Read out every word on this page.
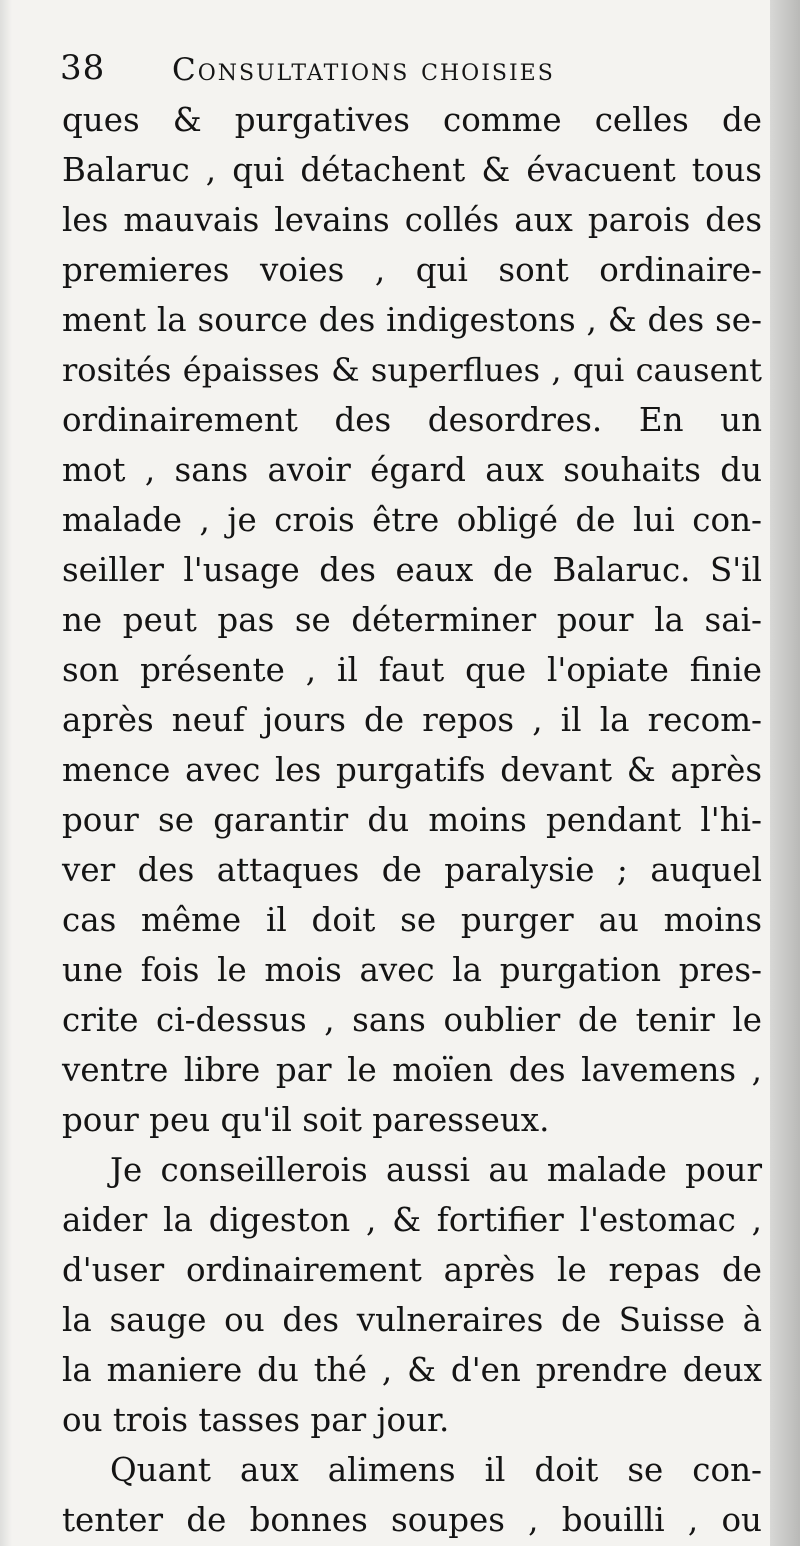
38 Consultations choisies
ques & purgatives comme celles de
Balaruc , qui détachent & évacuent tous
les mauvais levains collés aux parois des
premieres voies , qui sont ordinaire-
ment la source des indigestons , & des se-
rosités épaisses & superflues , qui causent
ordinairement des desordres. En un
mot , sans avoir égard aux souhaits du
malade , je crois être obligé de lui con-
seiller l'usage des eaux de Balaruc. S'il
ne peut pas se déterminer pour la sai-
son présente , il faut que l'opiate finie
après neuf jours de repos , il la recom-
mence avec les purgatifs devant & après
pour se garantir du moins pendant l'hi-
ver des attaques de paralysie ; auquel
cas même il doit se purger au moins
une fois le mois avec la purgation pres-
crite ci-dessus , sans oublier de tenir le
ventre libre par le moïen des lavemens ,
pour peu qu'il soit paresseux.
Je conseillerois aussi au malade pour
aider la digeston , & fortifier l'estomac ,
d'user ordinairement après le repas de
la sauge ou des vulneraires de Suisse à
la maniere du thé , & d'en prendre deux
ou trois tasses par jour.
Quant aux alimens il doit se con-
tenter de bonnes soupes , bouilli , ou
